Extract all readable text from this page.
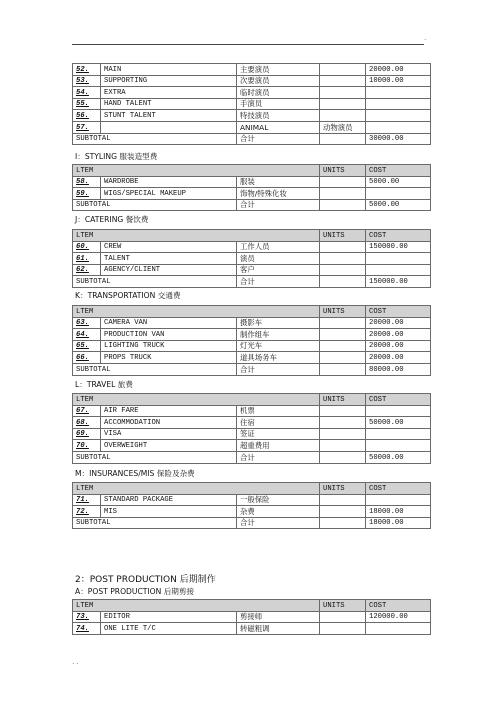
·
52.	MAIN	主要演员		20000.00
53.	SUPPORTING	次要演员		10000.00
54.	EXTRA	临时演员		
55.	HAND TALENT	手演员		
56.	STUNT TALENT	特技演员		
57.		ANIMAL	动物演员	
SUBTOTAL		合计		30000.00
I：STYLING 服装造型费
LTEM			UNITS	COST
58.	WARDROBE	服装		5000.00
59.	WIGS/SPECIAL MAKEUP	饰物/特殊化妆		
SUBTOTAL		合计		5000.00
J：CATERING 餐饮费
LTEM			UNITS	COST
60.	CREW	工作人员		150000.00
61.	TALENT	演员		
62.	AGENCY/CLIENT	客户		
SUBTOTAL		合计		150000.00
K：TRANSPORTATION 交通费
LTEM			UNITS	COST
63.	CAMERA VAN	摄影车		20000.00
64.	PRODUCTION VAN	制作组车		20000.00
65.	LIGHTING TRUCK	灯光车		20000.00
66.	PROPS TRUCK	道具场务车		20000.00
SUBTOTAL		合计		80000.00
L：TRAVEL 旅费
LTEM			UNITS	COST
67.	AIR FARE	机票		
68.	ACCOMMODATION	住宿		50000.00
69.	VISA	签证		
70.	OVERWEIGHT	超重费用		
SUBTOTAL		合计		50000.00
M：INSURANCES/MIS 保险及杂费
LTEM			UNITS	COST
71.	STANDARD PACKAGE	一般保险		
72.	MIS	杂费		18000.00
SUBTOTAL		合计		18000.00
2：POST PRODUCTION 后期制作
A：POST PRODUCTION 后期剪接
LTEM			UNITS	COST
73.	EDITOR	剪接师		120000.00
74.	ONE LITE T/C	转磁粗调		
· ·
